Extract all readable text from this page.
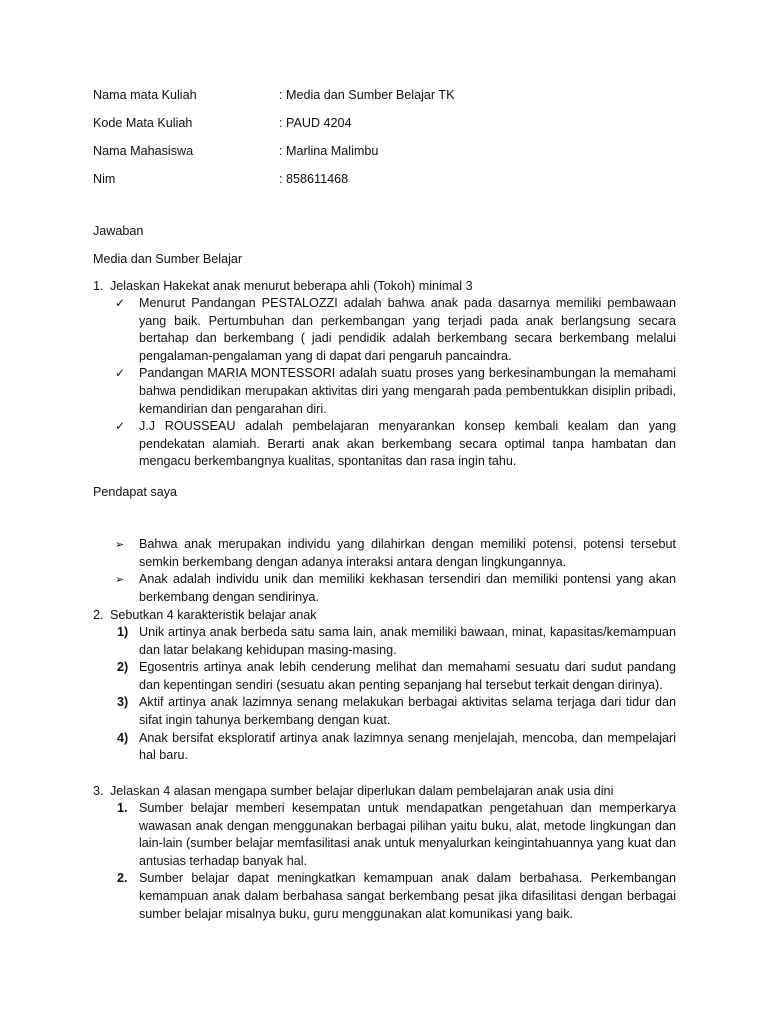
Nama mata Kuliah	: Media dan Sumber Belajar TK
Kode Mata Kuliah	: PAUD 4204
Nama Mahasiswa	: Marlina Malimbu
Nim	: 858611468

Jawaban

Media dan Sumber Belajar

1. Jelaskan Hakekat anak menurut beberapa ahli (Tokoh) minimal 3

✓	Menurut Pandangan PESTALOZZI adalah bahwa anak pada dasarnya memiliki pembawaan yang baik. Pertumbuhan dan perkembangan yang terjadi pada anak berlangsung secara bertahap dan berkembang ( jadi pendidik adalah berkembang secara berkembang melalui pengalaman-pengalaman yang di dapat dari pengaruh pancaindra.
✓	Pandangan MARIA MONTESSORI adalah suatu proses yang berkesinambungan la memahami bahwa pendidikan merupakan aktivitas diri yang mengarah pada pembentukkan disiplin pribadi, kemandirian dan pengarahan diri.
✓	J.J ROUSSEAU adalah pembelajaran menyarankan konsep kembali kealam dan yang pendekatan alamiah. Berarti anak akan berkembang secara optimal tanpa hambatan dan mengacu berkembangnya kualitas, spontanitas dan rasa ingin tahu.

Pendapat saya

➢	Bahwa anak merupakan individu yang dilahirkan dengan memiliki potensi, potensi tersebut semkin berkembang dengan adanya interaksi antara dengan lingkungannya.
➢	Anak adalah individu unik dan memiliki kekhasan tersendiri dan memiliki pontensi yang akan berkembang dengan sendirinya.

2. Sebutkan 4 karakteristik belajar anak

1) Unik artinya anak berbeda satu sama lain, anak memiliki bawaan, minat, kapasitas/kemampuan dan latar belakang kehidupan masing-masing.
2) Egosentris artinya anak lebih cenderung melihat dan memahami sesuatu dari sudut pandang dan kepentingan sendiri (sesuatu akan penting sepanjang hal tersebut terkait dengan dirinya).
3) Aktif artinya anak lazimnya senang melakukan berbagai aktivitas selama terjaga dari tidur dan sifat ingin tahunya berkembang dengan kuat.
4) Anak bersifat eksploratif artinya anak lazimnya senang menjelajah, mencoba, dan mempelajari hal baru.

3. Jelaskan 4 alasan mengapa sumber belajar diperlukan dalam pembelajaran anak usia dini

1. Sumber belajar memberi kesempatan untuk mendapatkan pengetahuan dan memperkarya wawasan anak dengan menggunakan berbagai pilihan yaitu buku, alat, metode lingkungan dan lain-lain (sumber belajar memfasilitasi anak untuk menyalurkan keingintahuannya yang kuat dan antusias terhadap banyak hal.
2. Sumber belajar dapat meningkatkan kemampuan anak dalam berbahasa. Perkembangan kemampuan anak dalam berbahasa sangat berkembang pesat jika difasilitasi dengan berbagai sumber belajar misalnya buku, guru menggunakan alat komunikasi yang baik.
